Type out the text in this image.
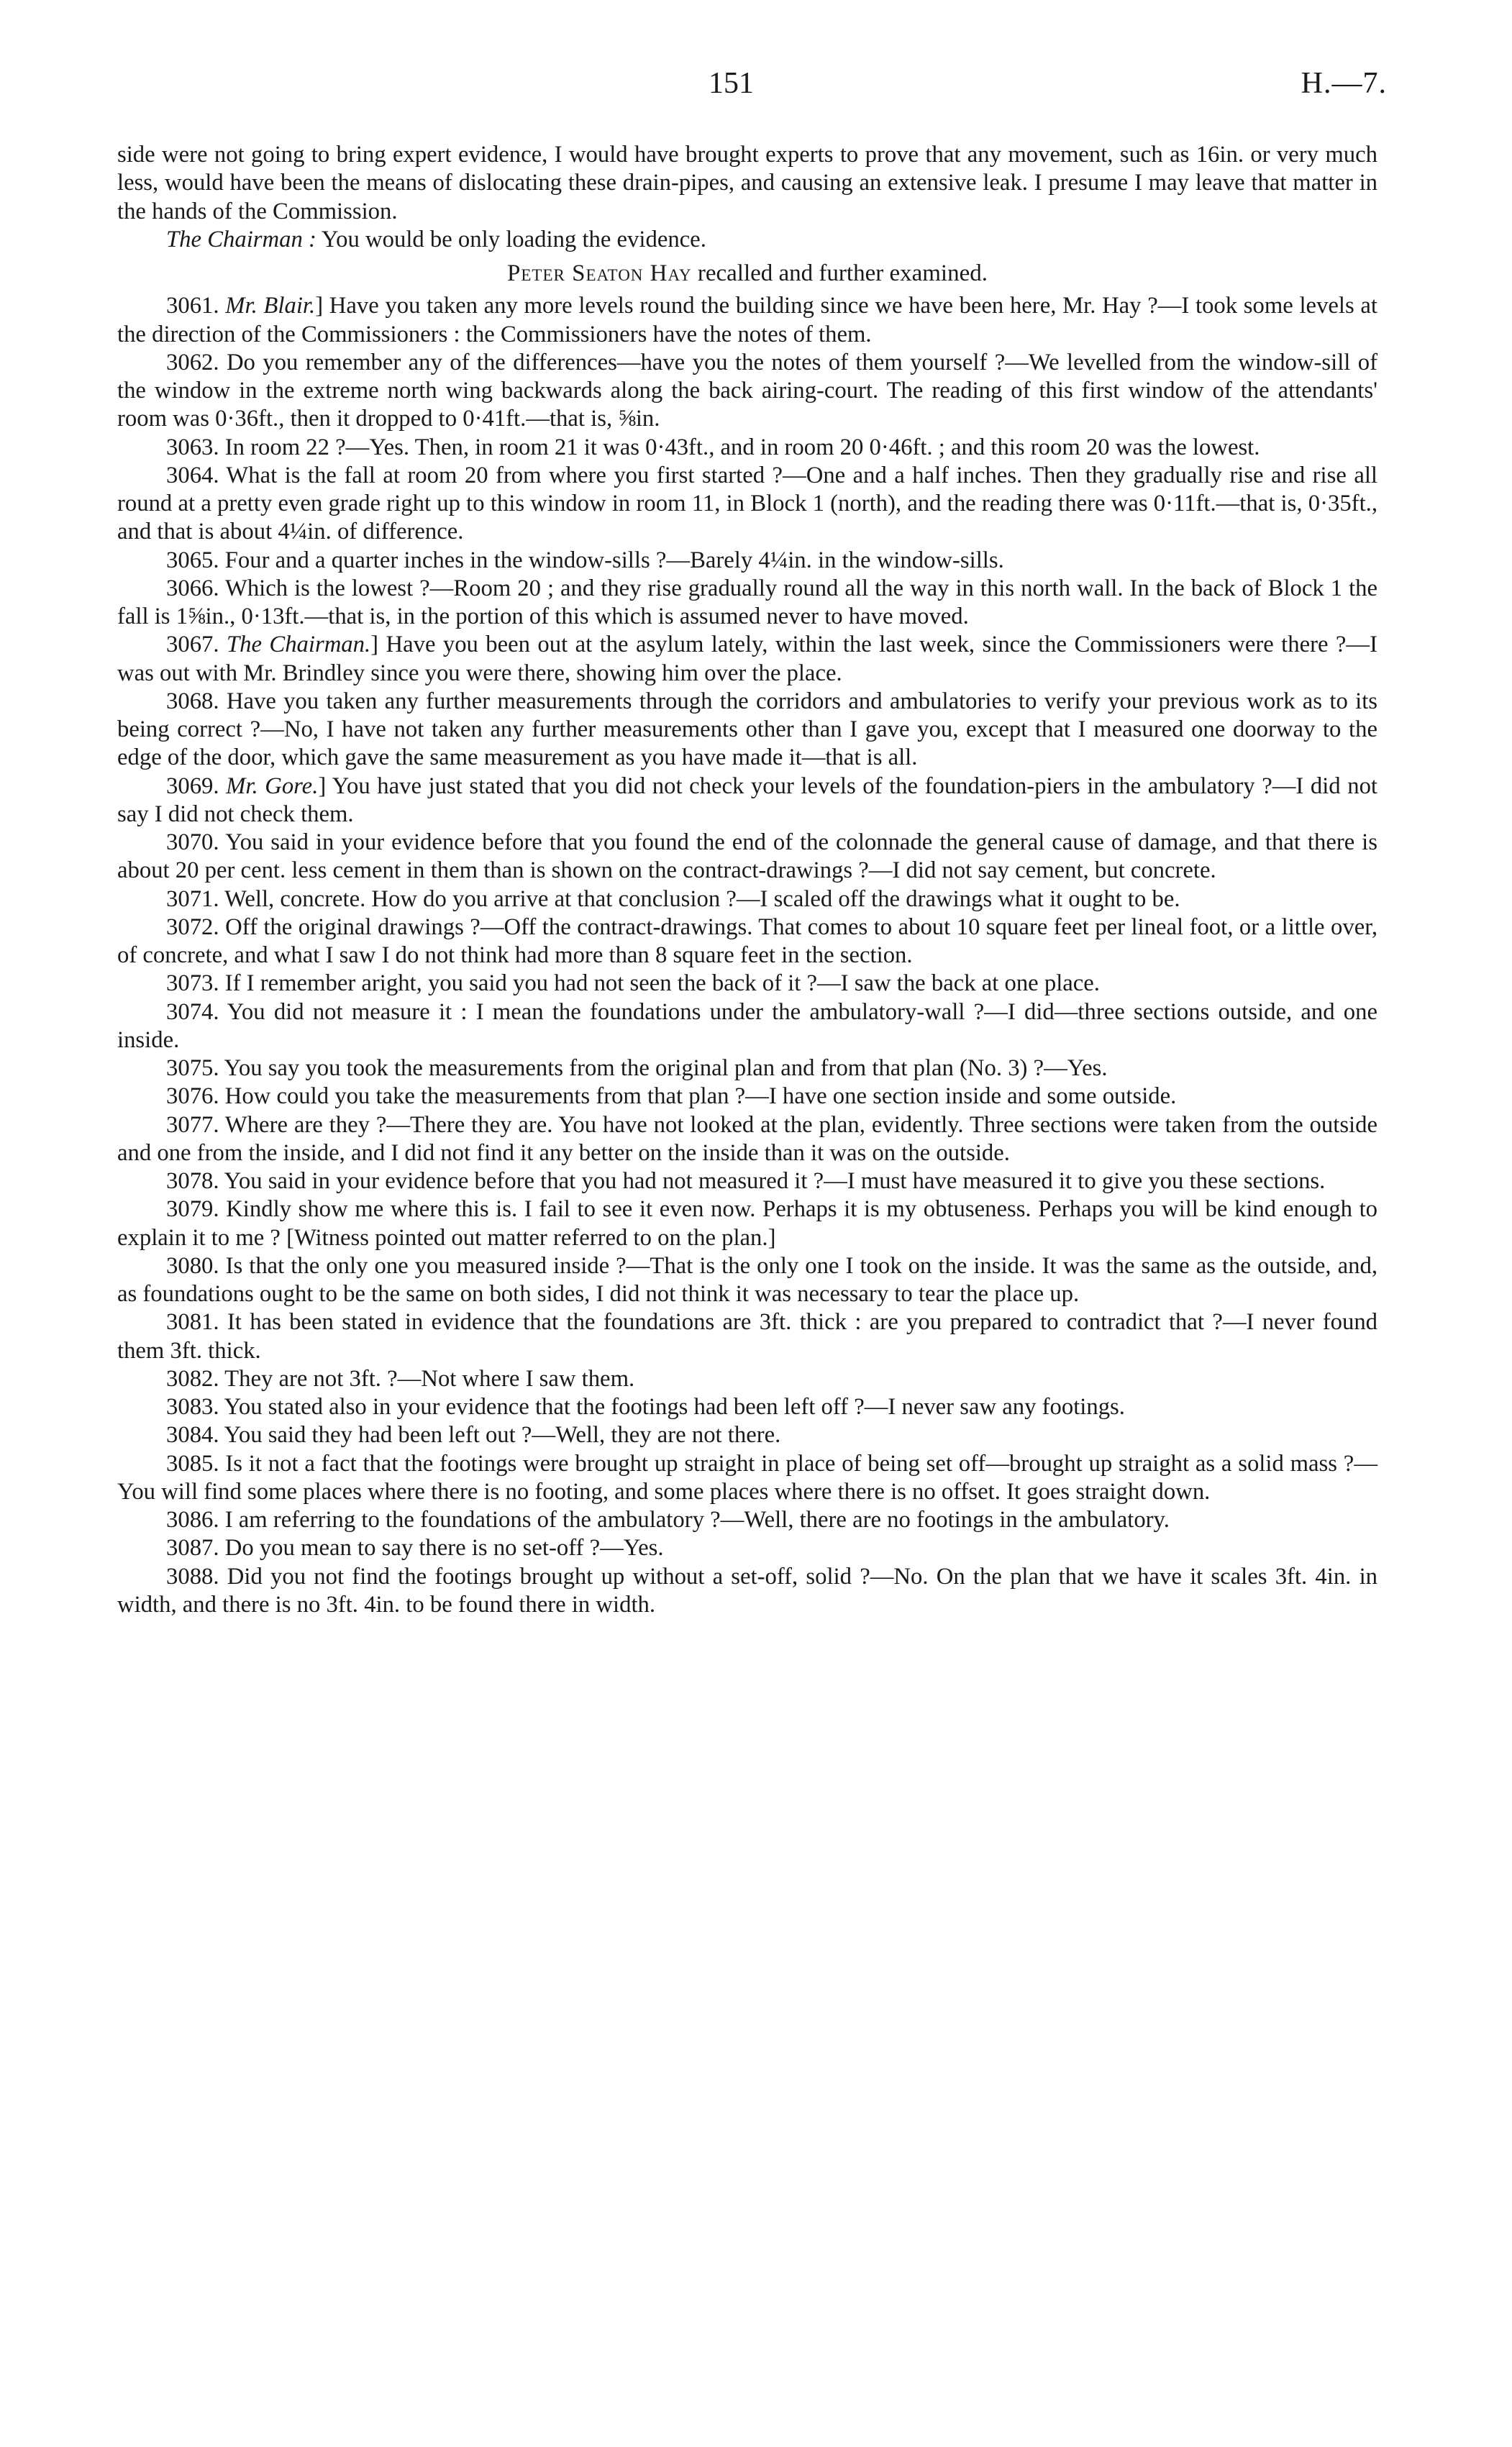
151	H.—7.

side were not going to bring expert evidence, I would have brought experts to prove that any movement, such as 16in. or very much less, would have been the means of dislocating these drain-pipes, and causing an extensive leak. I presume I may leave that matter in the hands of the Commission.

The Chairman : You would be only loading the evidence.

Peter Seaton Hay recalled and further examined.

3061. Mr. Blair.] Have you taken any more levels round the building since we have been here, Mr. Hay ?—I took some levels at the direction of the Commissioners : the Commissioners have the notes of them.

3062. Do you remember any of the differences—have you the notes of them yourself ?—We levelled from the window-sill of the window in the extreme north wing backwards along the back airing-court. The reading of this first window of the attendants' room was 0·36ft., then it dropped to 0·41ft.—that is, ⅝in.

3063. In room 22 ?—Yes. Then, in room 21 it was 0·43ft., and in room 20 0·46ft. ; and this room 20 was the lowest.

3064. What is the fall at room 20 from where you first started ?—One and a half inches. Then they gradually rise and rise all round at a pretty even grade right up to this window in room 11, in Block 1 (north), and the reading there was 0·11ft.—that is, 0·35ft., and that is about 4¼in. of difference.

3065. Four and a quarter inches in the window-sills ?—Barely 4¼in. in the window-sills.

3066. Which is the lowest ?—Room 20 ; and they rise gradually round all the way in this north wall. In the back of Block 1 the fall is 1⅝in., 0·13ft.—that is, in the portion of this which is assumed never to have moved.

3067. The Chairman.] Have you been out at the asylum lately, within the last week, since the Commissioners were there ?—I was out with Mr. Brindley since you were there, showing him over the place.

3068. Have you taken any further measurements through the corridors and ambulatories to verify your previous work as to its being correct ?—No, I have not taken any further measurements other than I gave you, except that I measured one doorway to the edge of the door, which gave the same measurement as you have made it—that is all.

3069. Mr. Gore.] You have just stated that you did not check your levels of the foundation-piers in the ambulatory ?—I did not say I did not check them.

3070. You said in your evidence before that you found the end of the colonnade the general cause of damage, and that there is about 20 per cent. less cement in them than is shown on the contract-drawings ?—I did not say cement, but concrete.

3071. Well, concrete. How do you arrive at that conclusion ?—I scaled off the drawings what it ought to be.

3072. Off the original drawings ?—Off the contract-drawings. That comes to about 10 square feet per lineal foot, or a little over, of concrete, and what I saw I do not think had more than 8 square feet in the section.

3073. If I remember aright, you said you had not seen the back of it ?—I saw the back at one place.

3074. You did not measure it : I mean the foundations under the ambulatory-wall ?—I did—three sections outside, and one inside.

3075. You say you took the measurements from the original plan and from that plan (No. 3) ?—Yes.

3076. How could you take the measurements from that plan ?—I have one section inside and some outside.

3077. Where are they ?—There they are. You have not looked at the plan, evidently. Three sections were taken from the outside and one from the inside, and I did not find it any better on the inside than it was on the outside.

3078. You said in your evidence before that you had not measured it ?—I must have measured it to give you these sections.

3079. Kindly show me where this is. I fail to see it even now. Perhaps it is my obtuseness. Perhaps you will be kind enough to explain it to me ? [Witness pointed out matter referred to on the plan.]

3080. Is that the only one you measured inside ?—That is the only one I took on the inside. It was the same as the outside, and, as foundations ought to be the same on both sides, I did not think it was necessary to tear the place up.

3081. It has been stated in evidence that the foundations are 3ft. thick : are you prepared to contradict that ?—I never found them 3ft. thick.

3082. They are not 3ft. ?—Not where I saw them.

3083. You stated also in your evidence that the footings had been left off ?—I never saw any footings.

3084. You said they had been left out ?—Well, they are not there.

3085. Is it not a fact that the footings were brought up straight in place of being set off—brought up straight as a solid mass ?—You will find some places where there is no footing, and some places where there is no offset. It goes straight down.

3086. I am referring to the foundations of the ambulatory ?—Well, there are no footings in the ambulatory.

3087. Do you mean to say there is no set-off ?—Yes.

3088. Did you not find the footings brought up without a set-off, solid ?—No. On the plan that we have it scales 3ft. 4in. in width, and there is no 3ft. 4in. to be found there in width.
